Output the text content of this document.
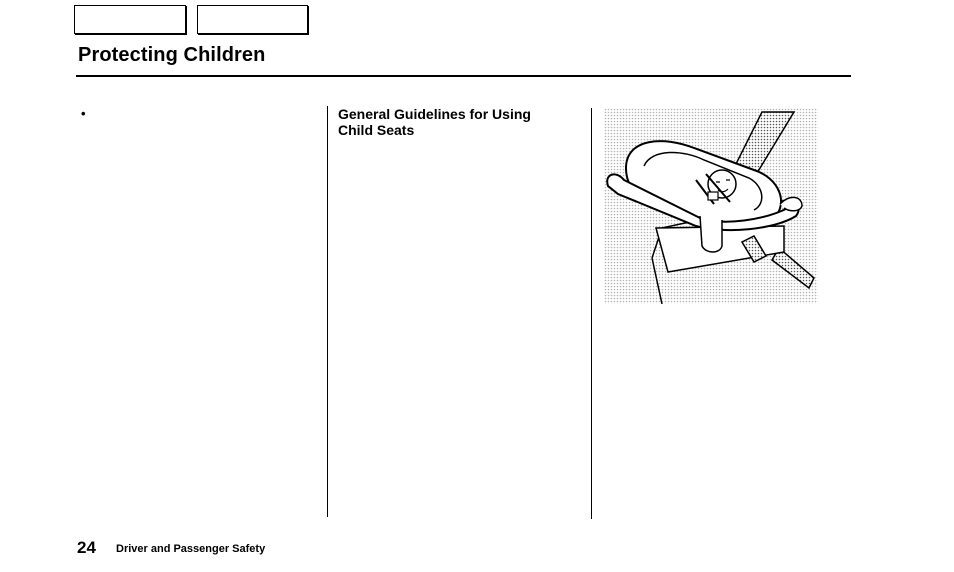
Protecting Children
•	General Guidelines for Using Child Seats
24 Driver and Passenger Safety
